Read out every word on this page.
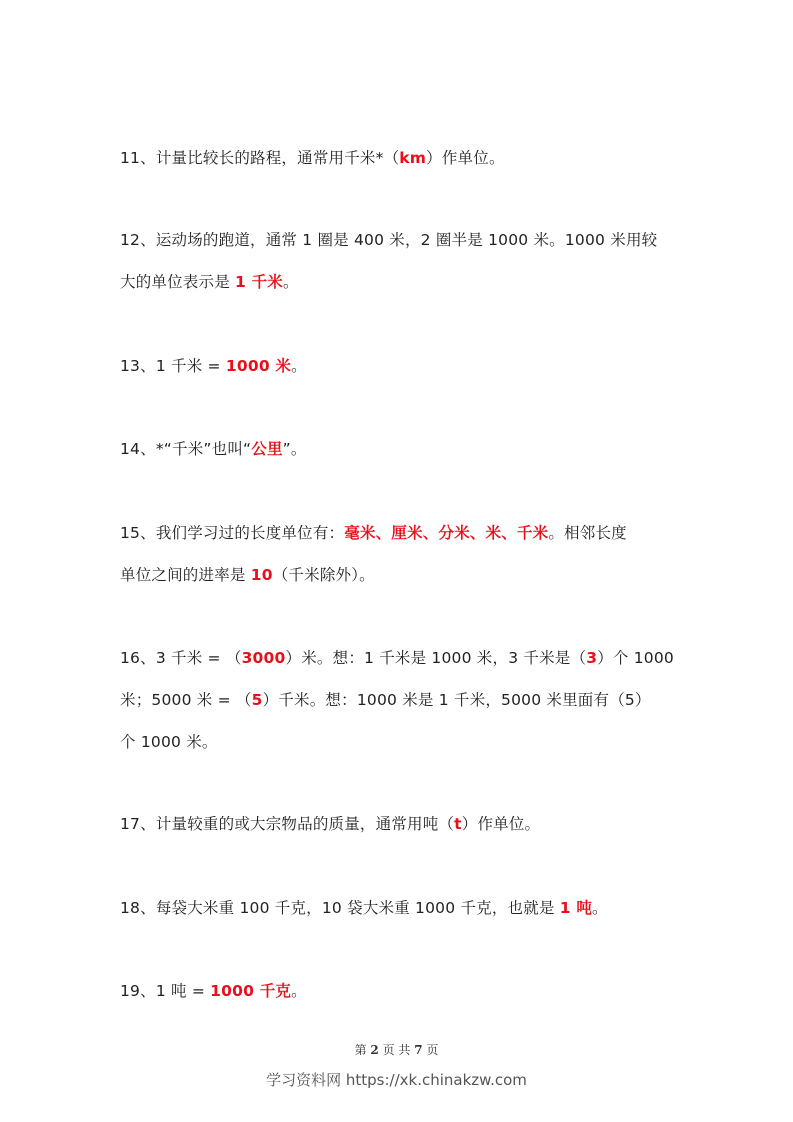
11、计量比较长的路程，通常用千米*（km）作单位。
12、运动场的跑道，通常 1 圈是 400 米，2 圈半是 1000 米。1000 米用较
大的单位表示是 1 千米。
13、1 千米 = 1000 米。
14、*“千米”也叫“公里”。
15、我们学习过的长度单位有：毫米、厘米、分米、米、千米。相邻长度
单位之间的进率是 10（千米除外）。
16、3 千米 = （3000）米。想：1 千米是 1000 米，3 千米是（3）个 1000
米；5000 米 = （5）千米。想：1000 米是 1 千米，5000 米里面有（5）
个 1000 米。
17、计量较重的或大宗物品的质量，通常用吨（t）作单位。
18、每袋大米重 100 千克，10 袋大米重 1000 千克，也就是 1 吨。
19、1 吨 = 1000 千克。
第 2 页 共 7 页
学习资料网 https://xk.chinakzw.com
